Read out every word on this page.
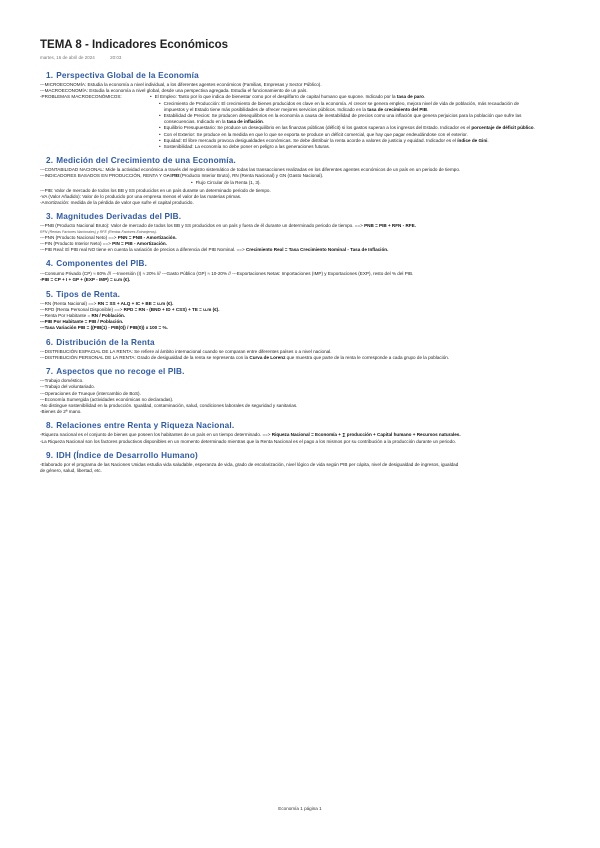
TEMA 8 - Indicadores Económicos
martes, 16 de abril de 2024	20:03
1. Perspectiva Global de la Economía
---MICROECONOMÍA: Estudia la economía a nivel individual, a los diferentes agentes económicos (Familias, Empresas y Sector Público).
---MACROECONOMÍA: Estudia la economía a nivel global, desde una perspectiva agregada. Estudia el funcionamiento de un país.
-PROBLEMAS MACROECONÓMICOS:
•	El Empleo: Tanto por lo que indica de bienestar como por el despilfarro de capital humano que supone. Indicado por la tasa de paro.
• Crecimiento de Producción: El crecimiento de bienes producidos es clave en la economía. Al crecer se genera empleo, mejora nivel de vida de población, más recaudación de
impuestos y el Estado tiene más posibilidades de ofrecer mejores servicios públicos. Indicado en la tasa de crecimiento del PIB.
• Estabilidad de Precios: Se producen desequilibrios en la economía a causa de inestabilidad de precios como una inflación que genera perjuicios para la población que sufre las
consecuencias. Indicado en la tasa de inflación.
• Equilibrio Presupuestario: Se produce un desequilibrio en las finanzas públicas (déficit) si los gastos superan a los ingresos del Estado. Indicador es el porcentaje de déficit público.
• Con el Exterior: Se produce en la medida en que lo que se exporta se produce un déficit comercial, que hay que pagar endeudándose con el exterior.
• Equidad: El libre mercado provoca desigualdades económicas. Se debe distribuir la renta acorde a valores de justicia y equidad. Indicador es el índice de Gini.
• Sostenibilidad: La economía no debe poner en peligro a las generaciones futuras.
2. Medición del Crecimiento de una Economía.
---CONTABILIDAD NACIONAL: Mide la actividad económica a través del registro sistemático de todas las transacciones realizadas en los diferentes agentes económicos de un país en un periodo de tiempo.
---INDICADORES BASADOS EN PRODUCCIÓN, RENTA Y GASTO:
• PIB (Producto Interior Bruto), RN (Renta Nacional) y GN (Gasto Nacional).
• Flujo Circular de la Renta (1, 3).
---PIB: Valor de mercado de todos los BB y SS producidos en un país durante un determinado periodo de tiempo.
-VA (Valor Añadido): Valor de lo producido por una empresa menos el valor de las materias primas.
-Amortización: medida de la pérdida de valor que sufre el capital producido.
3. Magnitudes Derivadas del PIB.
---PNB (Producto Nacional Bruto): Valor de mercado de todos los BB y SS producidos en un país y fuera de él durante un determinado periodo de tiempo. ==> PNB = PIB + RFN - RFE.
RFN (Rentas Factores Nacionales) y RFE (Rentas Factores Extranjeros).
---PNN (Producto Nacional Neto) ==> PNN = PNB - Amortización.
---PIN (Producto Interior Neto) ==> PIN = PIB - Amortización.
---PIB Real: El PIB real NO tiene en cuenta la variación de precios a diferencia del PIB Nominal. ==> Crecimiento Real = Tasa Crecimiento Nominal - Tasa de Inflación.
4. Componentes del PIB.
---Consumo Privado (CP) ≈ 60% /// ---Inversión (I) ≈ 20% /// ---Gasto Público (GP) ≈ 10-20% // ---Exportaciones Netas: Importaciones (IMP) y Exportaciones (EXP), resto del % del PIB.
-PIB = CP + I + GP + (EXP - IMP) = u.m (€).
5. Tipos de Renta.
---RN (Renta Nacional) ==> RN = SS + ALQ + IC + BE = u.m (€).
---RPD (Renta Personal Disponible) ==> RPD = RN - (BND + ID + CSS) + TE = u.m (€).
---Renta Por Habitante = RN / Población.
---PIB Por Habitante = PIB / Población.
---Tasa Variación PIB = ((PIB(1) - PIB(0)) / PIB(0)) x 100 = %.
6. Distribución de la Renta
---DISTRIBUCIÓN ESPACIAL DE LA RENTA: Se refiere al ámbito internacional cuando se comparan entre diferentes países o a nivel nacional.
---DISTRIBUCIÓN PERSONAL DE LA RENTA: Grado de desigualdad de la renta se representa con la Curva de Lorenz que muestra que parte de la renta le corresponde a cada grupo de la población.
7. Aspectos que no recoge el PIB.
---Trabajo doméstico.
---Trabajo del voluntariado.
---Operaciones de Trueque (intercambio de BoS).
---Economía Sumergida (actividades económicas no declaradas).
-No distingue sostenibilidad en la producción. Igualdad, contaminación, salud, condiciones laborales de seguridad y sanitarias.
-Bienes de 2ª mano.
8. Relaciones entre Renta y Riqueza Nacional.
-Riqueza nacional es el conjunto de bienes que poseen los habitantes de un país en un tiempo determinado. ==> Riqueza Nacional = Economía + ∑ producción + Capital humano + Recursos naturales.
-La Riqueza Nacional son los factores productivos disponibles en un momento determinado mientras que la Renta Nacional es el pago a los mismos por su contribución a la producción durante un periodo.
9. IDH (Índice de Desarrollo Humano)
-Elaborado por el programa de las Naciones Unidas estudia vida saludable, esperanza de vida, grado de escolarización, nivel lógico de vida según PIB per cápita, nivel de desigualdad de ingresos, igualdad
de género, salud, libertad, etc.
Economía 1 página 1
